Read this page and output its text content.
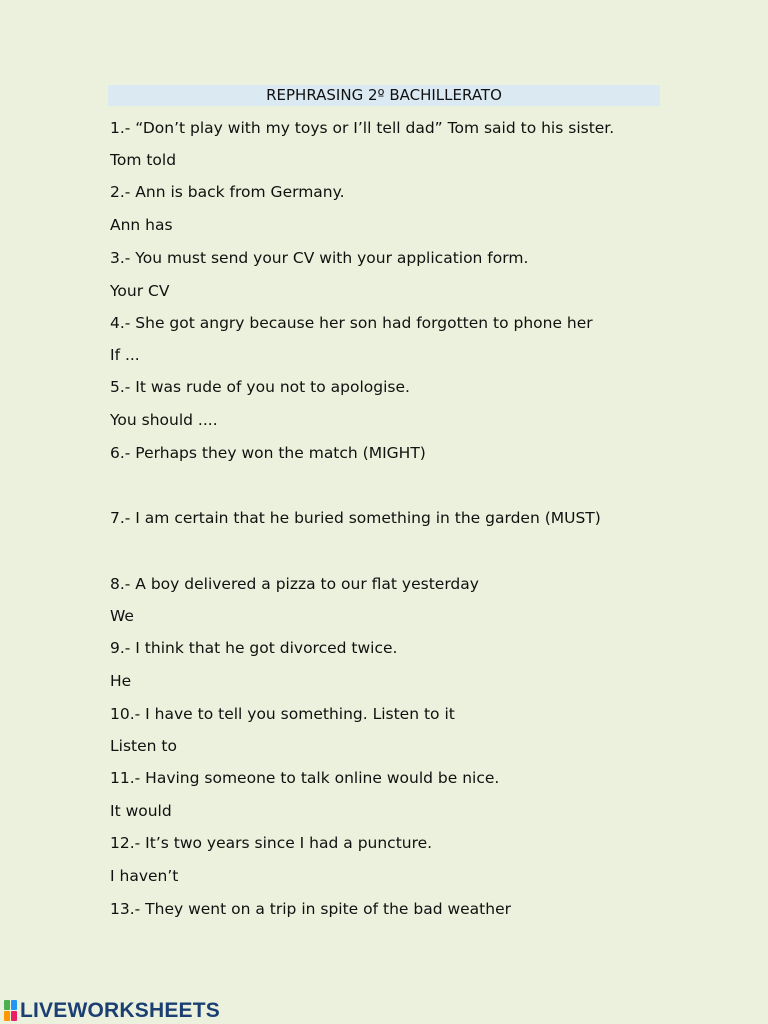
REPHRASING 2º BACHILLERATO
1.- “Don’t play with my toys or I’ll tell dad” Tom said to his sister.
Tom told
2.- Ann is back from Germany.
Ann has
3.- You must send your CV with your application form.
Your CV
4.- She got angry because her son had forgotten to phone her
If ...
5.- It was rude of you not to apologise.
You should ....
6.- Perhaps they won the match (MIGHT)
7.- I am certain that he buried something in the garden (MUST)
8.- A boy delivered a pizza to our flat yesterday
We
9.- I think that he got divorced twice.
He
10.- I have to tell you something. Listen to it
Listen to
11.- Having someone to talk online would be nice.
It would
12.- It’s two years since I had a puncture.
I haven’t
13.- They went on a trip in spite of the bad weather
LIVEWORKSHEETS
